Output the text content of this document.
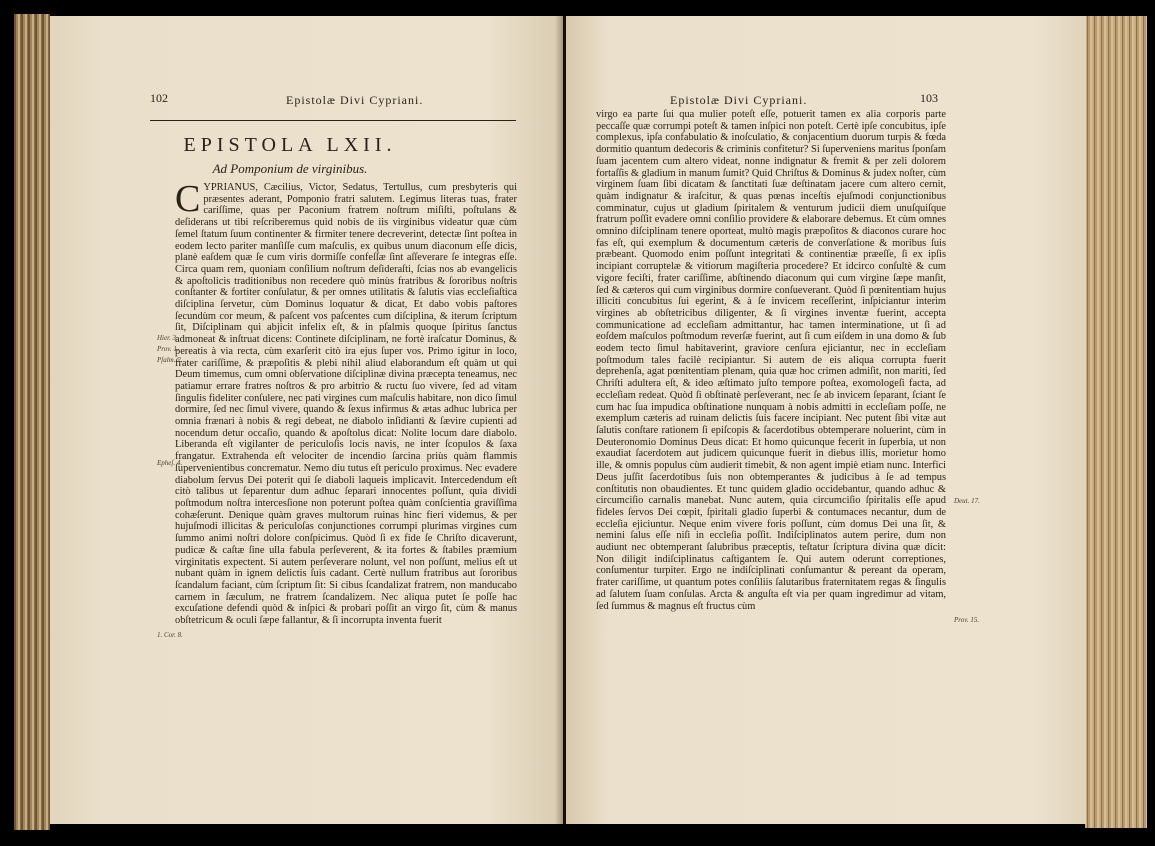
102	Epistolæ Divi Cypriani.
EPISTOLA LXII.
Ad Pomponium de virginibus.
CYPRIANUS, Cæcilius, Victor, Sedatus, Tertullus, cum presbyteris qui præsentes aderant, Pomponio fratri salutem. Legimus literas tuas, frater cariſſime, quas per Paconium fratrem noſtrum miſiſti, poſtulans & deſiderans ut tibi reſcriberemus quid nobis de iis virginibus videatur quæ cùm ſemel ſtatum ſuum continenter & firmiter tenere decreverint, detectæ ſint poſtea in eodem lecto pariter manſiſſe cum maſculis, ex quibus unum diaconum eſſe dicis, planè eaſdem quæ ſe cum viris dormiſſe confeſſæ ſint aſſeverare ſe integras eſſe. Circa quam rem, quoniam conſilium noſtrum deſideraſti, ſcias nos ab evangelicis & apoſtolicis traditionibus non recedere quò minùs fratribus & ſororibus noſtris conſtanter & fortiter conſulatur, & per omnes utilitatis & ſalutis vias eccleſiaſtica diſciplina ſervetur, cùm Dominus loquatur & dicat, Et dabo vobis paſtores ſecundùm cor meum, & paſcent vos paſcentes cum diſciplina, & iterum ſcriptum ſit, Diſciplinam qui abjicit infelix eſt, & in pſalmis quoque ſpiritus ſanctus admoneat & inſtruat dicens: Continete diſciplinam, ne fortè iraſcatur Dominus, & pereatis à via recta, cùm exarſerit citò ira ejus ſuper vos. Primo igitur in loco, frater cariſſime, & præpoſitis & plebi nihil aliud elaborandum eſt quàm ut qui Deum timemus, cum omni obſervatione diſciplinæ divina præcepta teneamus, nec patiamur errare fratres noſtros & pro arbitrio & ructu ſuo vivere, ſed ad vitam ſingulis fideliter conſulere, nec pati virgines cum maſculis habitare, non dico ſimul dormire, ſed nec ſimul vivere, quando & ſexus infirmus & ætas adhuc lubrica per omnia frænari à nobis & regi debeat, ne diabolo inſidianti & ſævire cupienti ad nocendum detur occaſio, quando & apoſtolus dicat: Nolite locum dare diabolo. Liberanda eſt vigilanter de periculoſis locis navis, ne inter ſcopulos & ſaxa frangatur. Extrahenda eſt velociter de incendio ſarcina priùs quàm flammis ſupervenientibus concrematur. Nemo diu tutus eſt periculo proximus. Nec evadere diabolum ſervus Dei poterit qui ſe diaboli laqueis implicavit. Intercedendum eſt citò talibus ut ſeparentur dum adhuc ſeparari innocentes poſſunt, quia dividi poſtmodum noſtra intercesſione non poterunt poſtea quàm conſcientia graviſſima cohæſerunt. Denique quàm graves multorum ruinas hinc fieri videmus, & per hujuſmodi illicitas & periculoſas conjunctiones corrumpi plurimas virgines cum ſummo animi noſtri dolore conſpicimus. Quòd ſi ex fide ſe Chriſto dicaverunt, pudicæ & caſtæ ſine ulla fabula perſeverent, & ita fortes & ſtabiles præmium virginitatis expectent. Si autem perſeverare nolunt, vel non poſſunt, melius eſt ut nubant quàm in ignem delictis ſuis cadant. Certè nullum fratribus aut ſororibus ſcandalum faciant, cùm ſcriptum ſit: Si cibus ſcandalizat fratrem, non manducabo carnem in ſæculum, ne fratrem ſcandalizem. Nec aliqua putet ſe poſſe hac excuſatione defendi quòd & inſpici & probari poſſit an virgo ſit, cùm & manus obſtetricum & oculi ſæpe fallantur, & ſi incorrupta inventa fuerit
Hier. 3.
Prov. 1.
Pſalm. 2.
Epheſ. 4.
1. Cor. 8.
Epistolæ Divi Cypriani.	103
virgo ea parte ſui qua mulier poteſt eſſe, potuerit tamen ex alia corporis parte peccaſſe quæ corrumpi poteſt & tamen inſpici non poteſt. Certè ipſe concubitus, ipſe complexus, ipſa confabulatio & inoſculatio, & conjacentium duorum turpis & fœda dormitio quantum dedecoris & criminis confitetur? Si ſuperveniens maritus ſponſam ſuam jacentem cum altero videat, nonne indignatur & fremit & per zeli dolorem fortaſſis & gladium in manum ſumit? Quid Chriſtus & Dominus & judex noſter, cùm virginem ſuam ſibi dicatam & ſanctitati ſuæ deſtinatam jacere cum altero cernit, quàm indignatur & iraſcitur, & quas pœnas inceſtis ejuſmodi conjunctionibus comminatur, cujus ut gladium ſpiritalem & venturum judicii diem unuſquiſque fratrum poſſit evadere omni conſilio providere & elaborare debemus. Et cùm omnes omnino diſciplinam tenere oporteat, multò magis præpoſitos & diaconos curare hoc fas eſt, qui exemplum & documentum cæteris de converſatione & moribus ſuis præbeant. Quomodo enim poſſunt integritati & continentiæ præeſſe, ſi ex ipſis incipiant corruptelæ & vitiorum magiſteria procedere? Et idcirco conſultè & cum vigore feciſti, frater cariſſime, abſtinendo diaconum qui cum virgine ſæpe manſit, ſed & cæteros qui cum virginibus dormire conſueverant. Quòd ſi pœnitentiam hujus illiciti concubitus ſui egerint, & à ſe invicem receſſerint, inſpiciantur interim virgines ab obſtetricibus diligenter, & ſi virgines inventæ fuerint, accepta communicatione ad eccleſiam admittantur, hac tamen interminatione, ut ſi ad eoſdem maſculos poſtmodum reverſæ fuerint, aut ſi cum eiſdem in una domo & ſub eodem tecto ſimul habitaverint, graviore cenſura ejiciantur, nec in eccleſiam poſtmodum tales facilè recipiantur. Si autem de eis aliqua corrupta fuerit deprehenſa, agat pœnitentiam plenam, quia quæ hoc crimen admiſit, non mariti, ſed Chriſti adultera eſt, & ideo æſtimato juſto tempore poſtea, exomologeſi facta, ad eccleſiam redeat. Quòd ſi obſtinatè perſeverant, nec ſe ab invicem ſeparant, ſciant ſe cum hac ſua impudica obſtinatione nunquam à nobis admitti in eccleſiam poſſe, ne exemplum cæteris ad ruinam delictis ſuis facere incipiant. Nec putent ſibi vitæ aut ſalutis conſtare rationem ſi epiſcopis & ſacerdotibus obtemperare noluerint, cùm in Deuteronomio Dominus Deus dicat: Et homo quicunque fecerit in ſuperbia, ut non exaudiat ſacerdotem aut judicem quicunque fuerit in diebus illis, morietur homo ille, & omnis populus cùm audierit timebit, & non agent impiè etiam nunc. Interfici Deus juſſit ſacerdotibus ſuis non obtemperantes & judicibus à ſe ad tempus conſtitutis non obaudientes. Et tunc quidem gladio occidebantur, quando adhuc & circumciſio carnalis manebat. Nunc autem, quia circumciſio ſpiritalis eſſe apud fideles ſervos Dei cœpit, ſpiritali gladio ſuperbi & contumaces necantur, dum de eccleſia ejiciuntur. Neque enim vivere foris poſſunt, cùm domus Dei una ſit, & nemini ſalus eſſe niſi in eccleſia poſſit. Indiſciplinatos autem perire, dum non audiunt nec obtemperant ſalubribus præceptis, teſtatur ſcriptura divina quæ dicit: Non diligit indiſciplinatus caſtigantem ſe. Qui autem oderunt correptiones, conſumentur turpiter. Ergo ne indiſciplinati conſumantur & pereant da operam, frater cariſſime, ut quantum potes conſiliis ſalutaribus fraternitatem regas & ſingulis ad ſalutem ſuam conſulas. Arcta & anguſta eſt via per quam ingredimur ad vitam, ſed ſummus & magnus eſt fructus cùm
Deut. 17.
Prov. 15.
